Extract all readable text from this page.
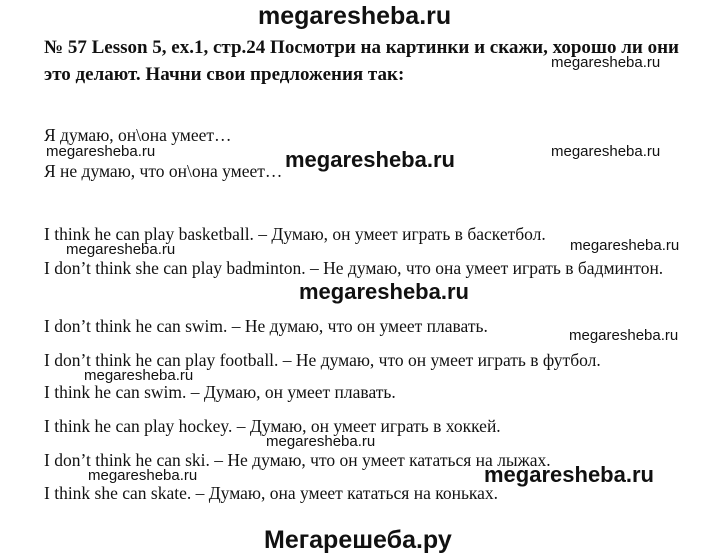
megaresheba.ru

№ 57 Lesson 5, ex.1, стр.24 Посмотри на картинки и скажи, хорошо ли они это делают. Начни свои предложения так:

Я думаю, он\она умеет…

Я не думаю, что он\она умеет…

I think he can play basketball. – Думаю, он умеет играть в баскетбол.

I don’t think she can play badminton. – Не думаю, что она умеет играть в бадминтон.

I don’t think he can swim. – Не думаю, что он умеет плавать.

I don’t think he can play football. – Не думаю, что он умеет играть в футбол.

I think he can swim. – Думаю, он умеет плавать.

I think he can play hockey. – Думаю, он умеет играть в хоккей.

I don’t think he can ski. – Не думаю, что он умеет кататься на лыжах.

I think she can skate. – Думаю, она умеет кататься на коньках.

megaresheba.ru
megaresheba.ru	megaresheba.ru	megaresheba.ru
megaresheba.ru	megaresheba.ru
megaresheba.ru
megaresheba.ru
megaresheba.ru
megaresheba.ru
megaresheba.ru	megaresheba.ru
Мегарешеба.ру
